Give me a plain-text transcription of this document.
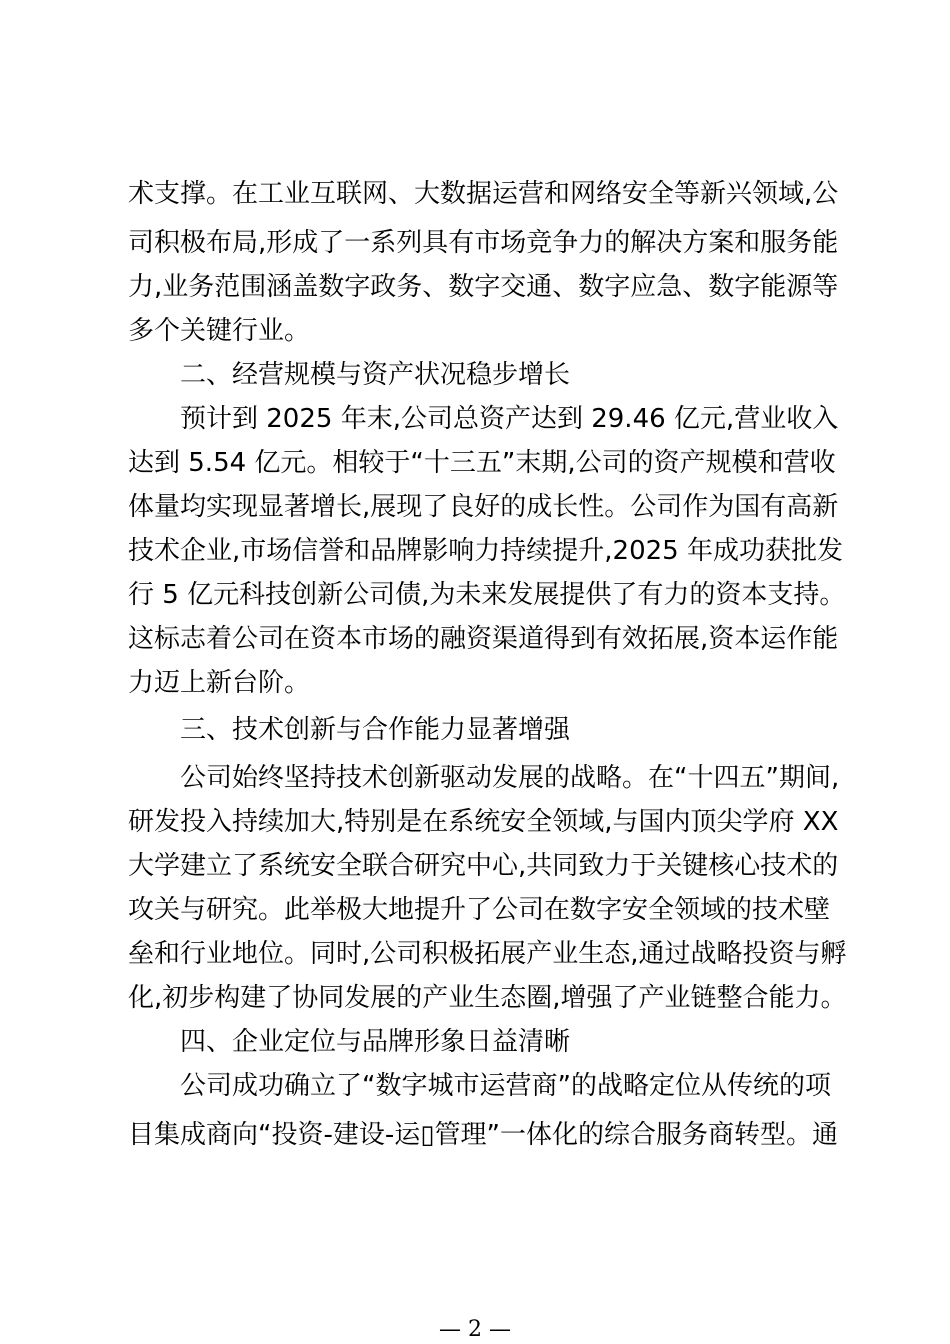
术支撑。在工业互联网、大数据运营和网络安全等新兴领域,公
司积极布局,形成了一系列具有市场竞争力的解决方案和服务能
力,业务范围涵盖数字政务、数字交通、数字应急、数字能源等
多个关键行业。
二、经营规模与资产状况稳步增长
预计到 2025 年末,公司总资产达到 29.46 亿元,营业收入
达到 5.54 亿元。相较于“十三五”末期,公司的资产规模和营收
体量均实现显著增长,展现了良好的成长性。公司作为国有高新
技术企业,市场信誉和品牌影响力持续提升,2025 年成功获批发
行 5 亿元科技创新公司债,为未来发展提供了有力的资本支持。
这标志着公司在资本市场的融资渠道得到有效拓展,资本运作能
力迈上新台阶。
三、技术创新与合作能力显著增强
公司始终坚持技术创新驱动发展的战略。在“十四五”期间,
研发投入持续加大,特别是在系统安全领域,与国内顶尖学府 XX
大学建立了系统安全联合研究中心,共同致力于关键核心技术的
攻关与研究。此举极大地提升了公司在数字安全领域的技术壁
垒和行业地位。同时,公司积极拓展产业生态,通过战略投资与孵
化,初步构建了协同发展的产业生态圈,增强了产业链整合能力。
四、企业定位与品牌形象日益清晰
公司成功确立了“数字城市运营商”的战略定位从传统的项
目集成商向“投资-建设-运▯管理”一体化的综合服务商转型。通
— 2 —
